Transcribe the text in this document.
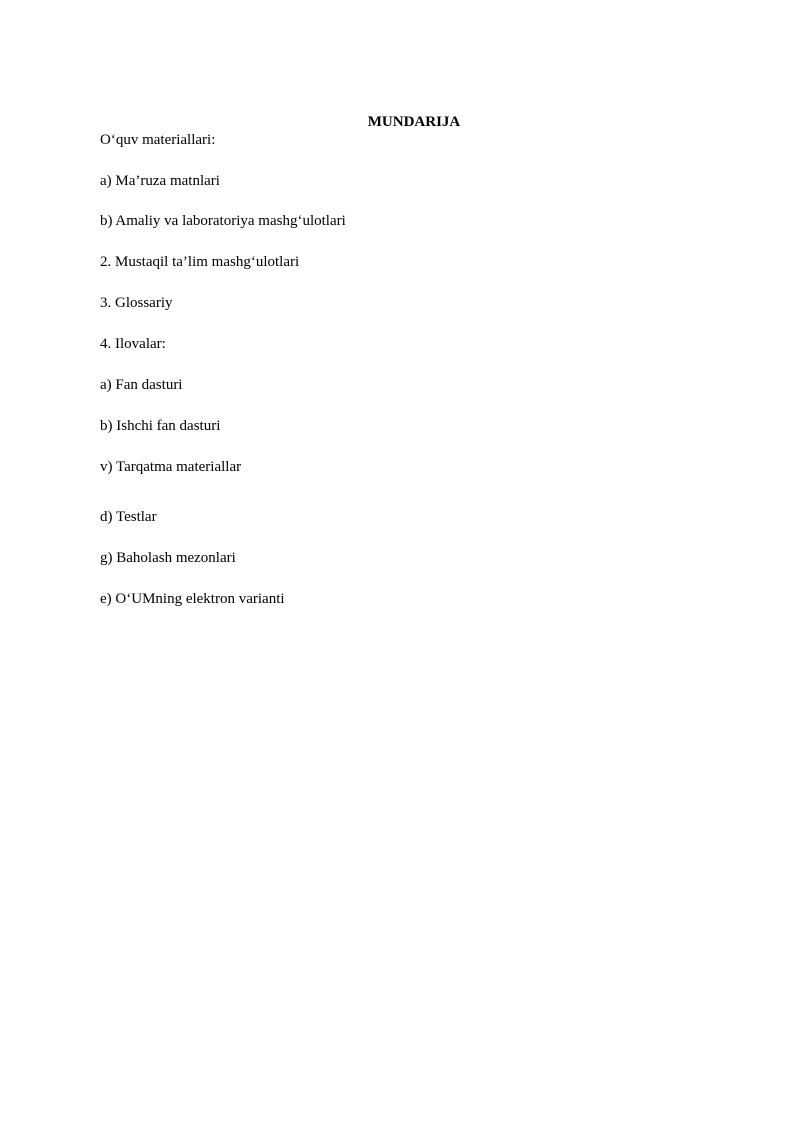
MUNDARIJA
O‘quv materiallari:
a) Ma’ruza matnlari
b) Amaliy va laboratoriya mashg‘ulotlari
2. Mustaqil ta’lim mashg‘ulotlari
3. Glossariy
4. Ilovalar:
a) Fan dasturi
b) Ishchi fan dasturi
v) Tarqatma materiallar
d) Testlar
g) Baholash mezonlari
e) O‘UMning elektron varianti
